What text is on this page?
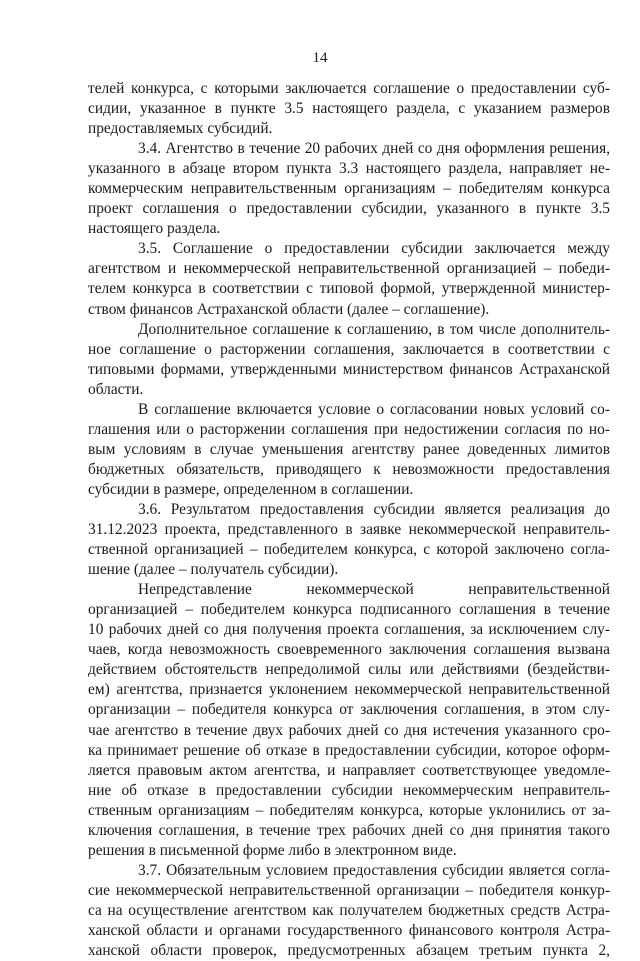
14
телей конкурса, с которыми заключается соглашение о предоставлении суб-
сидии, указанное в пункте 3.5 настоящего раздела, с указанием размеров
предоставляемых субсидий.
3.4. Агентство в течение 20 рабочих дней со дня оформления решения,
указанного в абзаце втором пункта 3.3 настоящего раздела, направляет не-
коммерческим неправительственным организациям – победителям конкурса
проект соглашения о предоставлении субсидии, указанного в пункте 3.5
настоящего раздела.
3.5. Соглашение о предоставлении субсидии заключается между
агентством и некоммерческой неправительственной организацией – победи-
телем конкурса в соответствии с типовой формой, утвержденной министер-
ством финансов Астраханской области (далее – соглашение).
Дополнительное соглашение к соглашению, в том числе дополнитель-
ное соглашение о расторжении соглашения, заключается в соответствии с
типовыми формами, утвержденными министерством финансов Астраханской
области.
В соглашение включается условие о согласовании новых условий со-
глашения или о расторжении соглашения при недостижении согласия по но-
вым условиям в случае уменьшения агентству ранее доведенных лимитов
бюджетных обязательств, приводящего к невозможности предоставления
субсидии в размере, определенном в соглашении.
3.6. Результатом предоставления субсидии является реализация до
31.12.2023 проекта, представленного в заявке некоммерческой неправитель-
ственной организацией – победителем конкурса, с которой заключено согла-
шение (далее – получатель субсидии).
Непредставление некоммерческой неправительственной
организацией – победителем конкурса подписанного соглашения в течение
10 рабочих дней со дня получения проекта соглашения, за исключением слу-
чаев, когда невозможность своевременного заключения соглашения вызвана
действием обстоятельств непредолимой силы или действиями (бездействи-
ем) агентства, признается уклонением некоммерческой неправительственной
организации – победителя конкурса от заключения соглашения, в этом слу-
чае агентство в течение двух рабочих дней со дня истечения указанного сро-
ка принимает решение об отказе в предоставлении субсидии, которое оформ-
ляется правовым актом агентства, и направляет соответствующее уведомле-
ние об отказе в предоставлении субсидии некоммерческим неправитель-
ственным организациям – победителям конкурса, которые уклонились от за-
ключения соглашения, в течение трех рабочих дней со дня принятия такого
решения в письменной форме либо в электронном виде.
3.7. Обязательным условием предоставления субсидии является согла-
сие некоммерческой неправительственной организации – победителя конкур-
са на осуществление агентством как получателем бюджетных средств Астра-
ханской области и органами государственного финансового контроля Астра-
ханской области проверок, предусмотренных абзацем третьим пункта 2,
